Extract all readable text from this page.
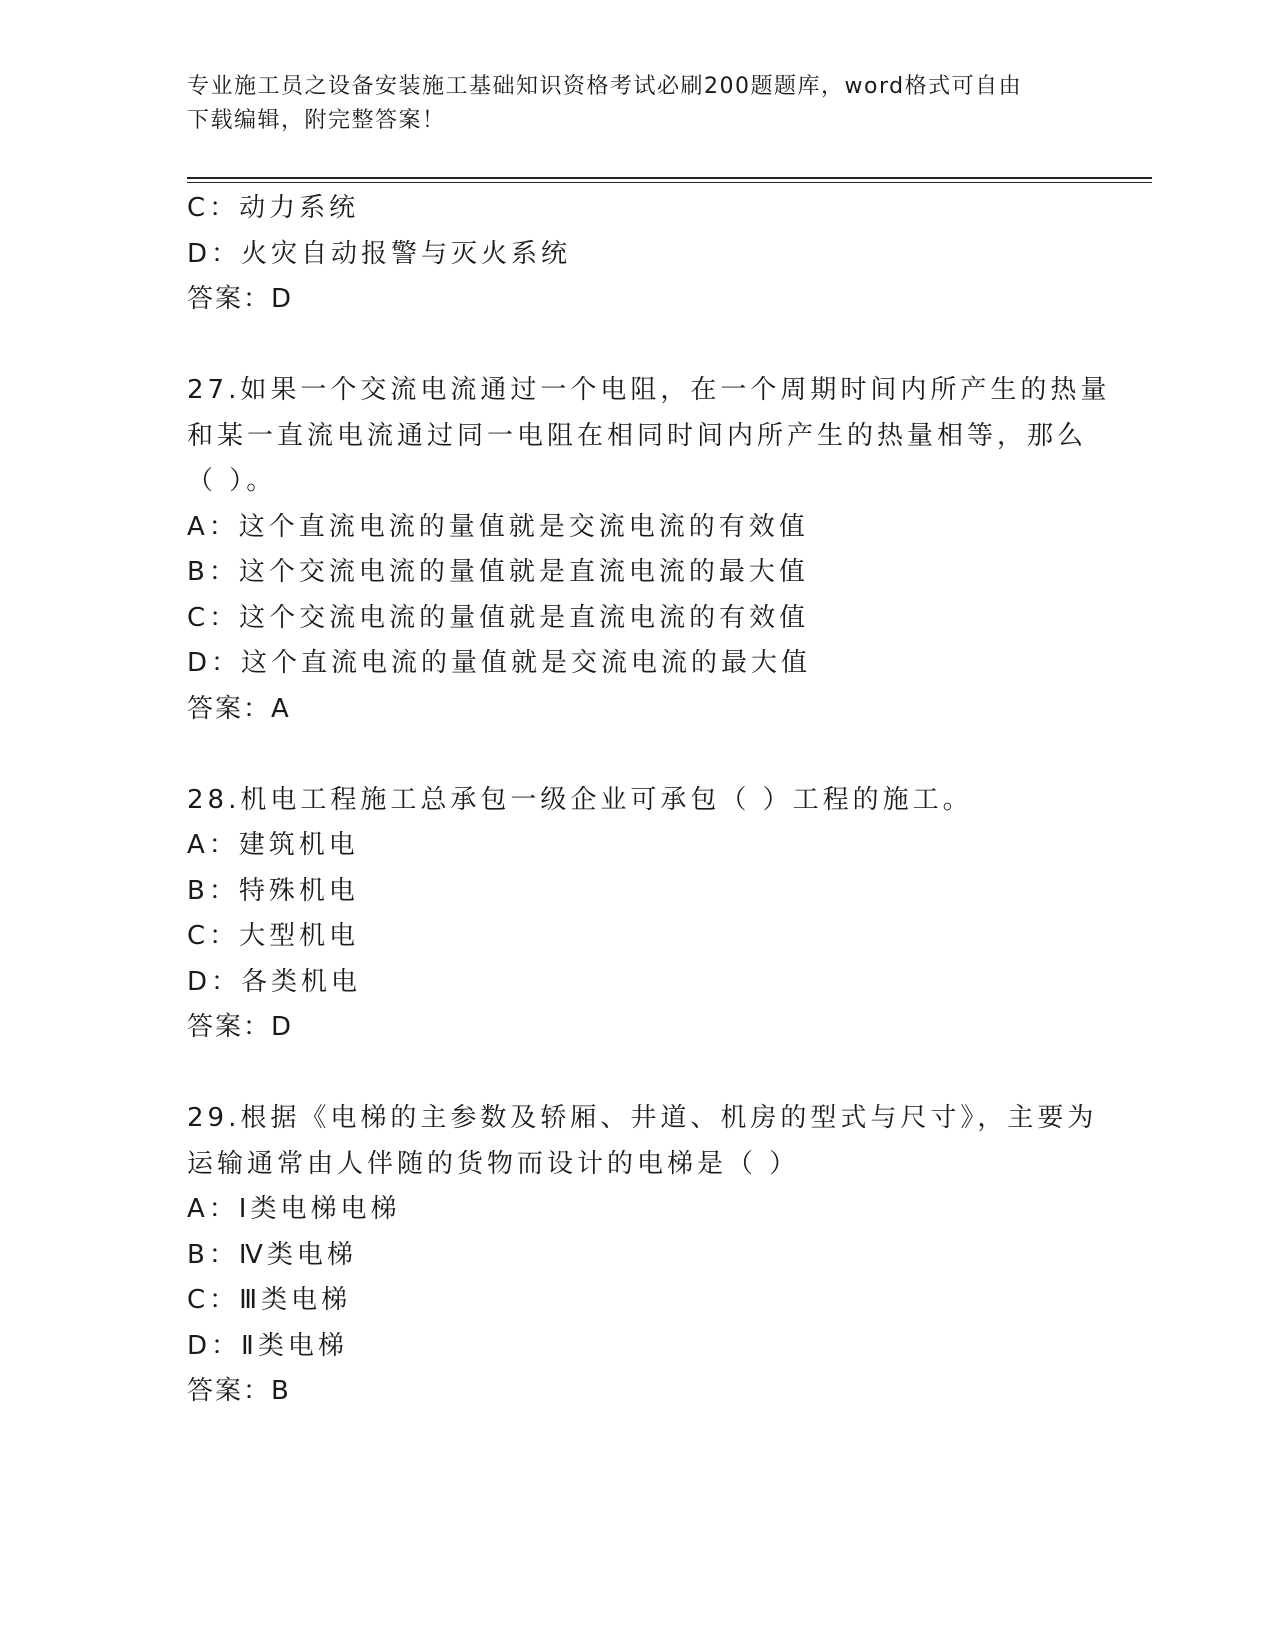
专业施工员之设备安装施工基础知识资格考试必刷200题题库，word格式可自由
下载编辑，附完整答案！
C：动力系统
D：火灾自动报警与灭火系统
答案：D
27.如果一个交流电流通过一个电阻，在一个周期时间内所产生的热量
和某一直流电流通过同一电阻在相同时间内所产生的热量相等，那么
（ ）。
A：这个直流电流的量值就是交流电流的有效值
B：这个交流电流的量值就是直流电流的最大值
C：这个交流电流的量值就是直流电流的有效值
D：这个直流电流的量值就是交流电流的最大值
答案：A
28.机电工程施工总承包一级企业可承包（ ）工程的施工。
A：建筑机电
B：特殊机电
C：大型机电
D：各类机电
答案：D
29.根据《电梯的主参数及轿厢、井道、机房的型式与尺寸》，主要为
运输通常由人伴随的货物而设计的电梯是（ ）
A：Ⅰ类电梯电梯
B：Ⅳ类电梯
C：Ⅲ类电梯
D：Ⅱ类电梯
答案：B
